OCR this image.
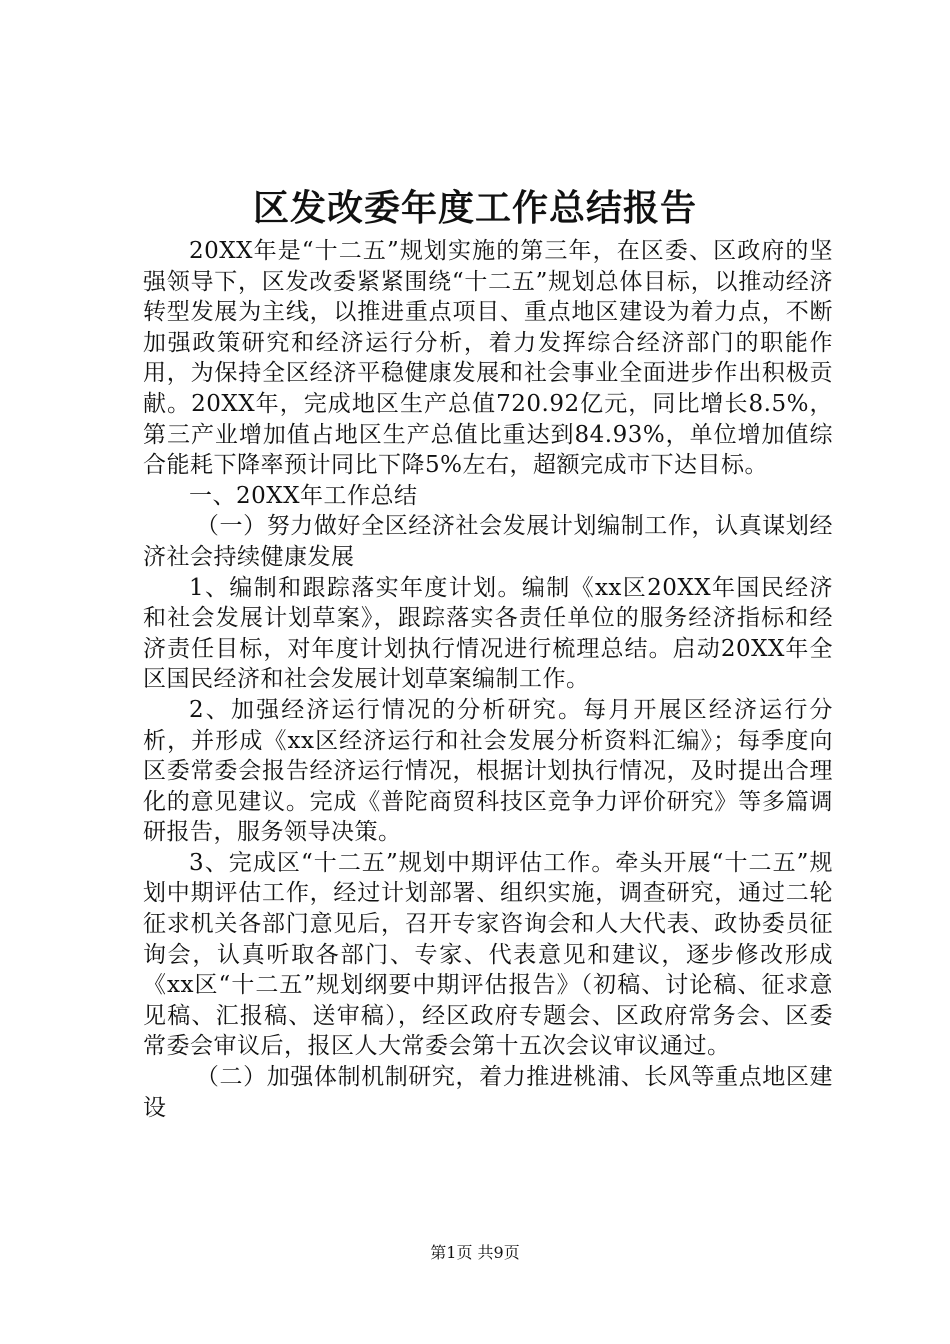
区发改委年度工作总结报告

20XX年是“十二五”规划实施的第三年，在区委、区政府的坚强领导下，区发改委紧紧围绕“十二五”规划总体目标，以推动经济转型发展为主线，以推进重点项目、重点地区建设为着力点，不断加强政策研究和经济运行分析，着力发挥综合经济部门的职能作用，为保持全区经济平稳健康发展和社会事业全面进步作出积极贡献。20XX年，完成地区生产总值720.92亿元，同比增长8.5%，第三产业增加值占地区生产总值比重达到84.93%，单位增加值综合能耗下降率预计同比下降5%左右，超额完成市下达目标。

一、20XX年工作总结

（一）努力做好全区经济社会发展计划编制工作，认真谋划经济社会持续健康发展

1、编制和跟踪落实年度计划。编制《xx区20XX年国民经济和社会发展计划草案》，跟踪落实各责任单位的服务经济指标和经济责任目标，对年度计划执行情况进行梳理总结。启动20XX年全区国民经济和社会发展计划草案编制工作。

2、加强经济运行情况的分析研究。每月开展区经济运行分析，并形成《xx区经济运行和社会发展分析资料汇编》；每季度向区委常委会报告经济运行情况，根据计划执行情况，及时提出合理化的意见建议。完成《普陀商贸科技区竞争力评价研究》等多篇调研报告，服务领导决策。

3、完成区“十二五”规划中期评估工作。牵头开展“十二五”规划中期评估工作，经过计划部署、组织实施，调查研究，通过二轮征求机关各部门意见后，召开专家咨询会和人大代表、政协委员征询会，认真听取各部门、专家、代表意见和建议，逐步修改形成《xx区“十二五”规划纲要中期评估报告》（初稿、讨论稿、征求意见稿、汇报稿、送审稿），经区政府专题会、区政府常务会、区委常委会审议后，报区人大常委会第十五次会议审议通过。

（二）加强体制机制研究，着力推进桃浦、长风等重点地区建设

第1页 共9页
